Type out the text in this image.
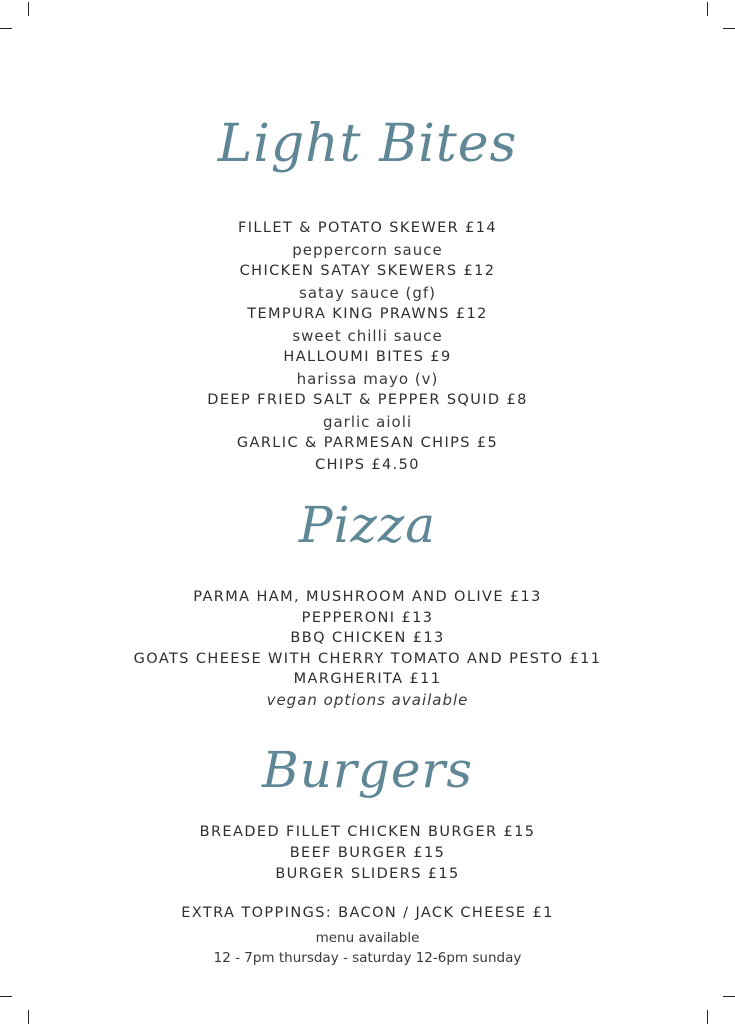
Light Bites
FILLET & POTATO SKEWER £14
peppercorn sauce
CHICKEN SATAY SKEWERS £12
satay sauce (gf)
TEMPURA KING PRAWNS £12
sweet chilli sauce
HALLOUMI BITES £9
harissa mayo (v)
DEEP FRIED SALT & PEPPER SQUID £8
garlic aioli
GARLIC & PARMESAN CHIPS £5
CHIPS £4.50
Pizza
PARMA HAM, MUSHROOM AND OLIVE £13
PEPPERONI £13
BBQ CHICKEN £13
GOATS CHEESE WITH CHERRY TOMATO AND PESTO £11
MARGHERITA £11
vegan options available
Burgers
BREADED FILLET CHICKEN BURGER £15
BEEF BURGER £15
BURGER SLIDERS £15
EXTRA TOPPINGS: BACON / JACK CHEESE £1
menu available
12 - 7pm thursday - saturday 12-6pm sunday
